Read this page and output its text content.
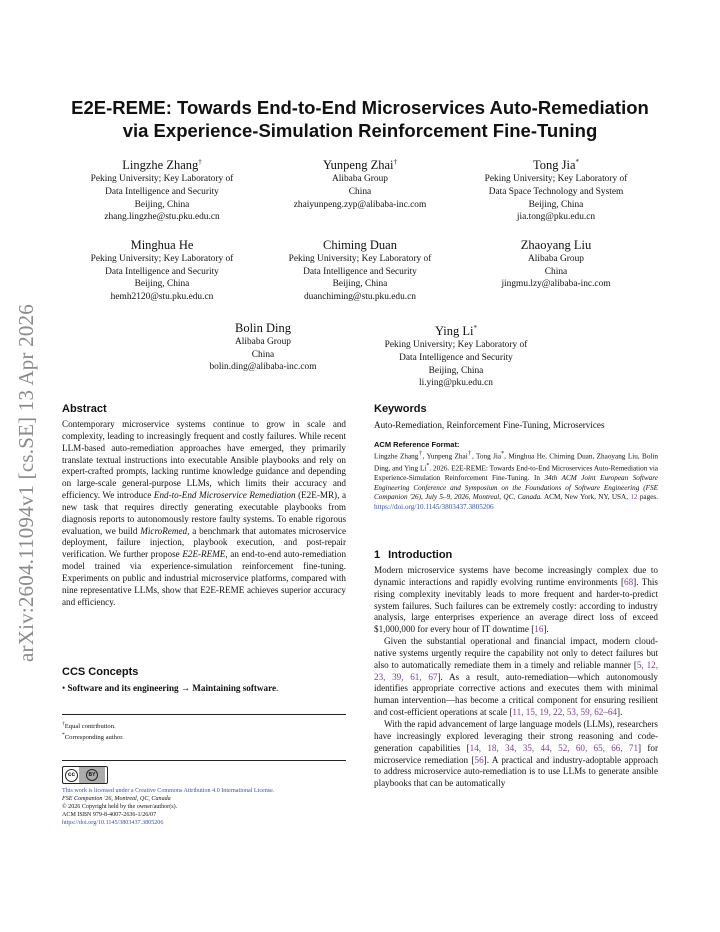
arXiv:2604.11094v1 [cs.SE] 13 Apr 2026
E2E-REME: Towards End-to-End Microservices Auto-Remediation
via Experience-Simulation Reinforcement Fine-Tuning
Lingzhe Zhang†
Peking University; Key Laboratory of
Data Intelligence and Security
Beijing, China
zhang.lingzhe@stu.pku.edu.cn
Yunpeng Zhai†
Alibaba Group
China
zhaiyunpeng.zyp@alibaba-inc.com
Tong Jia*
Peking University; Key Laboratory of
Data Space Technology and System
Beijing, China
jia.tong@pku.edu.cn
Minghua He
Peking University; Key Laboratory of
Data Intelligence and Security
Beijing, China
hemh2120@stu.pku.edu.cn
Chiming Duan
Peking University; Key Laboratory of
Data Intelligence and Security
Beijing, China
duanchiming@stu.pku.edu.cn
Zhaoyang Liu
Alibaba Group
China
jingmu.lzy@alibaba-inc.com
Bolin Ding
Alibaba Group
China
bolin.ding@alibaba-inc.com
Ying Li*
Peking University; Key Laboratory of
Data Intelligence and Security
Beijing, China
li.ying@pku.edu.cn
Abstract

Contemporary microservice systems continue to grow in scale and complexity, leading to increasingly frequent and costly failures. While recent LLM-based auto-remediation approaches have emerged, they primarily translate textual instructions into executable Ansible playbooks and rely on expert-crafted prompts, lacking runtime knowledge guidance and depending on large-scale general-purpose LLMs, which limits their accuracy and efficiency. We introduce End-to-End Microservice Remediation (E2E-MR), a new task that requires directly generating executable playbooks from diagnosis reports to autonomously restore faulty systems. To enable rigorous evaluation, we build MicroRemed, a benchmark that automates microservice deployment, failure injection, playbook execution, and post-repair verification. We further propose E2E-REME, an end-to-end auto-remediation model trained via experience-simulation reinforcement fine-tuning. Experiments on public and industrial microservice platforms, compared with nine representative LLMs, show that E2E-REME achieves superior accuracy and efficiency.

CCS Concepts

• Software and its engineering → Maintaining software.

†Equal contribution.
*Corresponding author.
cc	BY
This work is licensed under a Creative Commons Attribution 4.0 International License.
FSE Companion '26, Montreal, QC, Canada
© 2026 Copyright held by the owner/author(s).
ACM ISBN 979-8-4007-2636-1/26/07
https://doi.org/10.1145/3803437.3805206
Keywords

Auto-Remediation, Reinforcement Fine-Tuning, Microservices

ACM Reference Format:

Lingzhe Zhang†, Yunpeng Zhai†, Tong Jia*, Minghua He, Chiming Duan, Zhaoyang Liu, Bolin Ding, and Ying Li*. 2026. E2E-REME: Towards End-to-End Microservices Auto-Remediation via Experience-Simulation Reinforcement Fine-Tuning. In 34th ACM Joint European Software Engineering Conference and Symposium on the Foundations of Software Engineering (FSE Companion '26), July 5–9, 2026, Montreal, QC, Canada. ACM, New York, NY, USA, 12 pages. https://doi.org/10.1145/3803437.3805206

1 Introduction

Modern microservice systems have become increasingly complex due to dynamic interactions and rapidly evolving runtime environments [68]. This rising complexity inevitably leads to more frequent and harder-to-predict system failures. Such failures can be extremely costly: according to industry analysis, large enterprises experience an average direct loss of exceed $1,000,000 for every hour of IT downtime [16].

Given the substantial operational and financial impact, modern cloud-native systems urgently require the capability not only to detect failures but also to automatically remediate them in a timely and reliable manner [5, 12, 23, 39, 61, 67]. As a result, auto-remediation—which autonomously identifies appropriate corrective actions and executes them with minimal human intervention—has become a critical component for ensuring resilient and cost-efficient operations at scale [11, 15, 19, 22, 53, 59, 62–64].

With the rapid advancement of large language models (LLMs), researchers have increasingly explored leveraging their strong reasoning and code-generation capabilities [14, 18, 34, 35, 44, 52, 60, 65, 66, 71] for microservice remediation [56]. A practical and industry-adoptable approach to address microservice auto-remediation is to use LLMs to generate ansible playbooks that can be automatically
